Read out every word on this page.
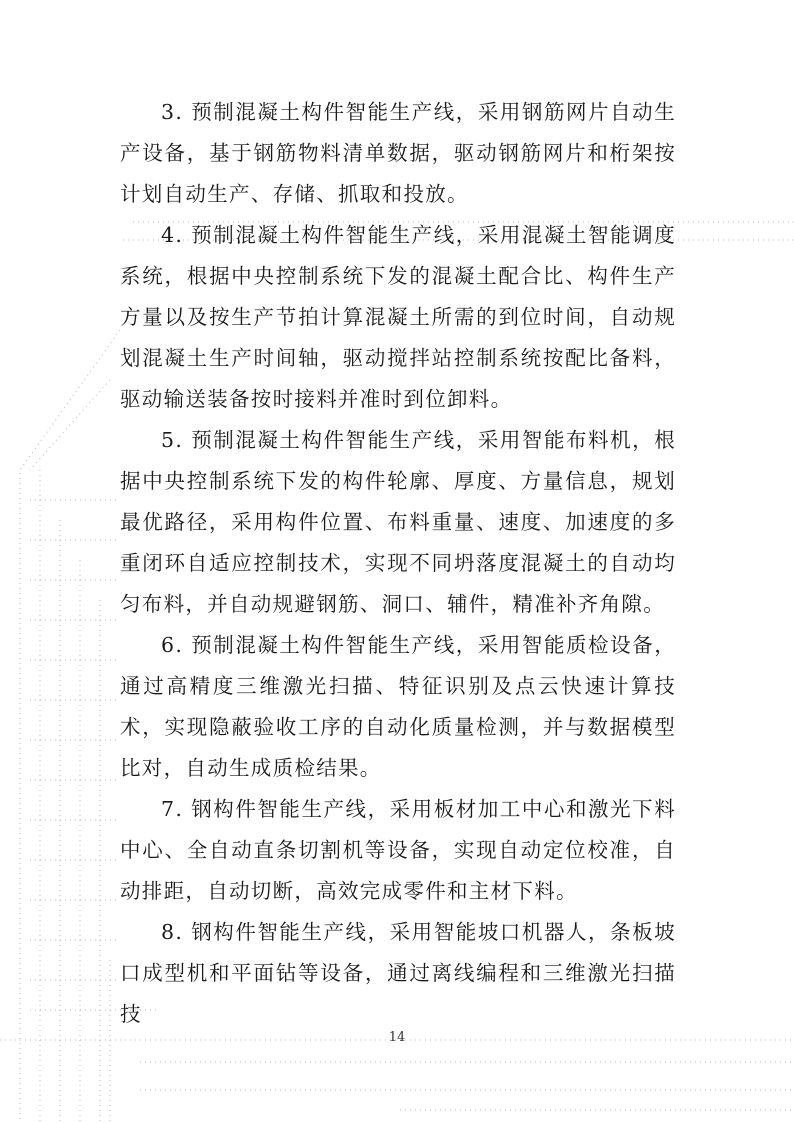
3. 预制混凝土构件智能生产线，采用钢筋网片自动生产设备，基于钢筋物料清单数据，驱动钢筋网片和桁架按计划自动生产、存储、抓取和投放。

4. 预制混凝土构件智能生产线，采用混凝土智能调度系统，根据中央控制系统下发的混凝土配合比、构件生产方量以及按生产节拍计算混凝土所需的到位时间，自动规划混凝土生产时间轴，驱动搅拌站控制系统按配比备料，驱动输送装备按时接料并准时到位卸料。

5. 预制混凝土构件智能生产线，采用智能布料机，根据中央控制系统下发的构件轮廓、厚度、方量信息，规划最优路径，采用构件位置、布料重量、速度、加速度的多重闭环自适应控制技术，实现不同坍落度混凝土的自动均匀布料，并自动规避钢筋、洞口、辅件，精准补齐角隙。

6. 预制混凝土构件智能生产线，采用智能质检设备，通过高精度三维激光扫描、特征识别及点云快速计算技术，实现隐蔽验收工序的自动化质量检测，并与数据模型比对，自动生成质检结果。

7. 钢构件智能生产线，采用板材加工中心和激光下料中心、全自动直条切割机等设备，实现自动定位校准，自动排距，自动切断，高效完成零件和主材下料。

8. 钢构件智能生产线，采用智能坡口机器人，条板坡口成型机和平面钻等设备，通过离线编程和三维激光扫描技

14
